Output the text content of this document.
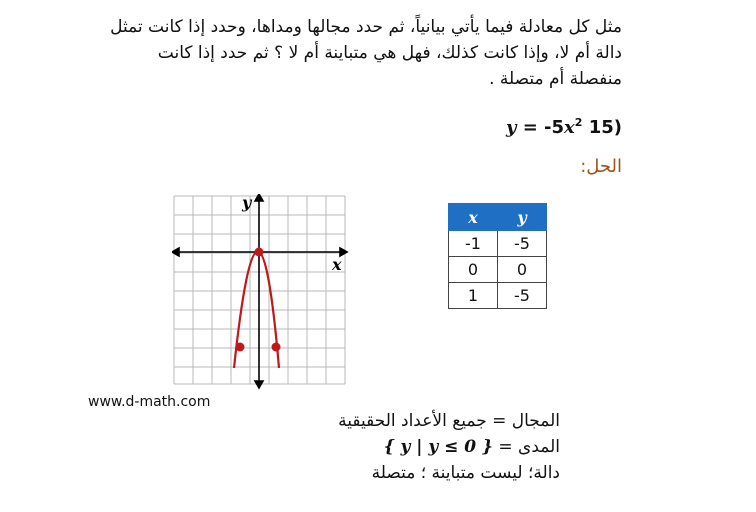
مثل كل معادلة فيما يأتي بيانياً، ثم حدد مجالها ومداها، وحدد إذا كانت تمثل دالة أم لا، وإذا كانت كذلك، فهل هي متباينة أم لا ؟ ثم حدد إذا كانت منفصلة أم متصلة .
$y = -5x^2$ 15)
الحل:
x
y
x	y
-1	-5
0	0
1	-5
www.d-math.com
المجال = جميع الأعداد الحقيقية
المدى = { y | y ≤ 0 }
دالة؛ ليست متباينة ؛ متصلة
